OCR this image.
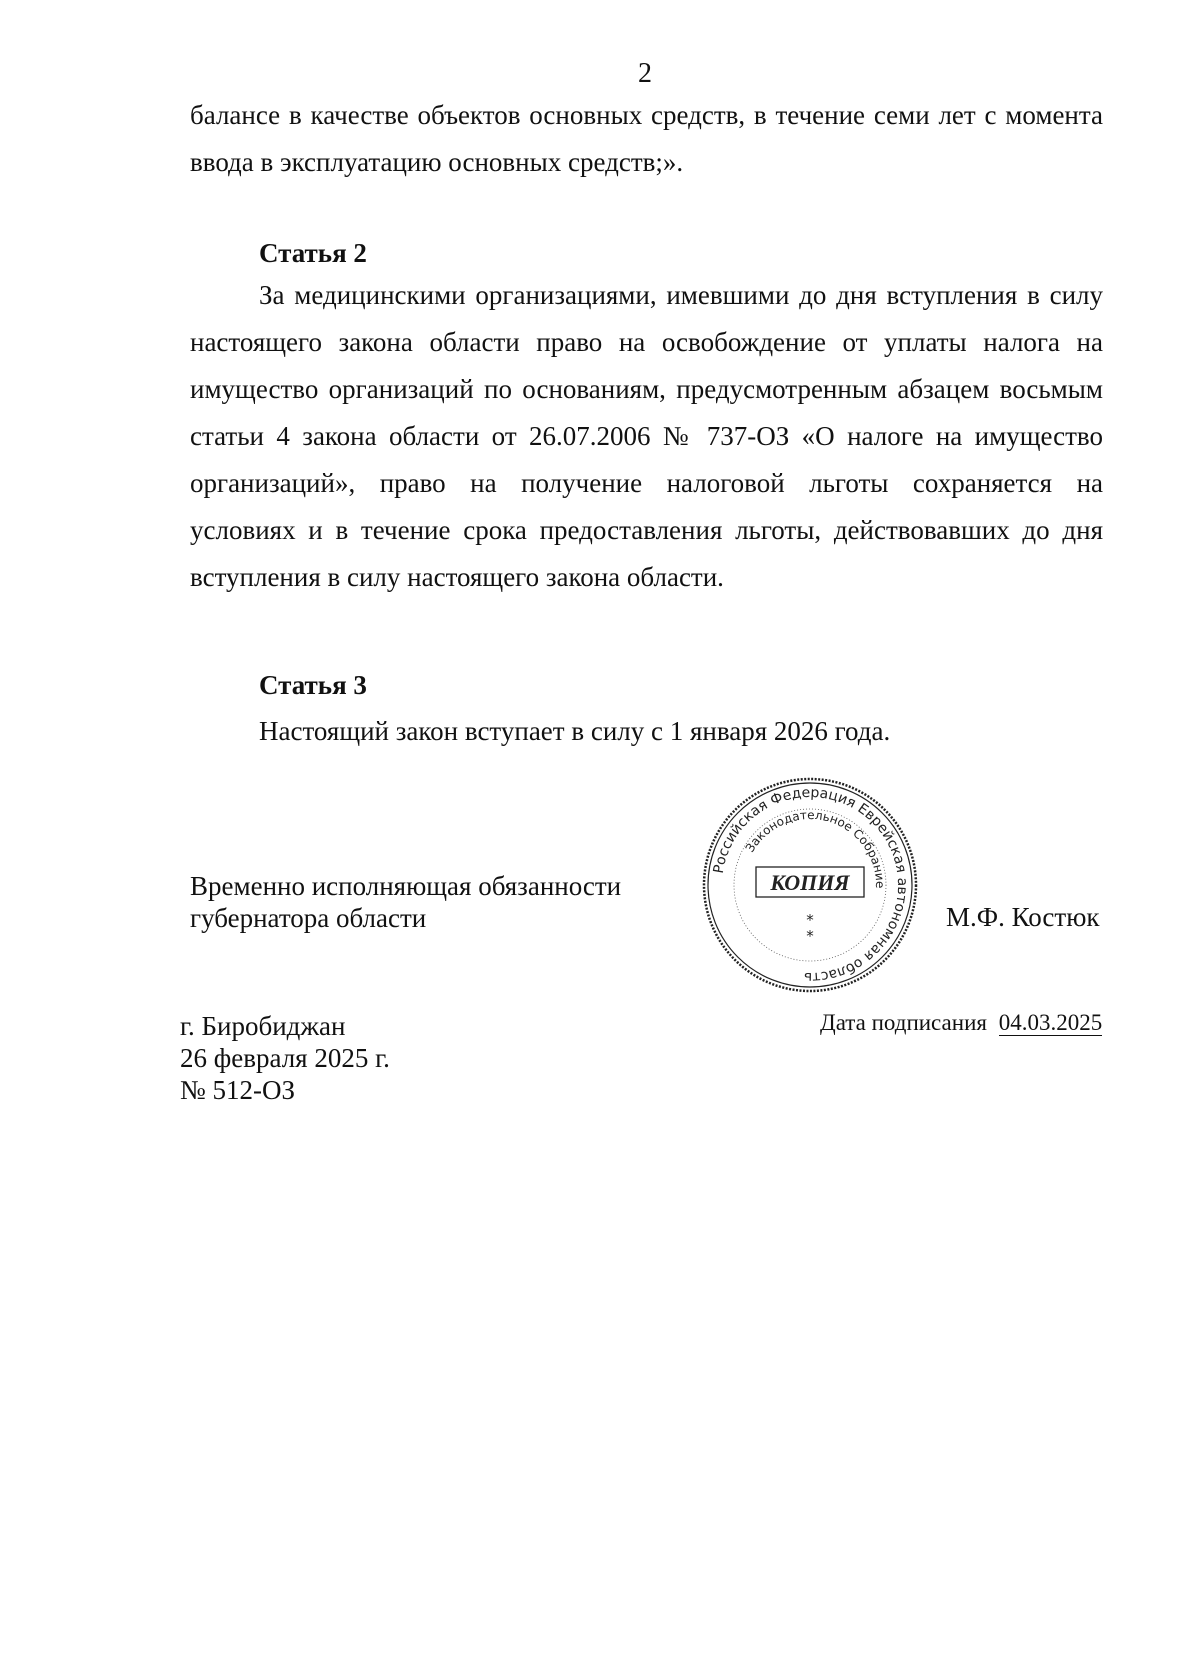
2
балансе в качестве объектов основных средств, в течение семи лет с момента
ввода в эксплуатацию основных средств;».
Статья 2
За медицинскими организациями, имевшими до дня вступления в силу
настоящего закона области право на освобождение от уплаты налога на
имущество организаций по основаниям, предусмотренным абзацем восьмым
статьи 4 закона области от 26.07.2006 № 737-ОЗ «О налоге на имущество
организаций», право на получение налоговой льготы сохраняется на
условиях и в течение срока предоставления льготы, действовавших до дня
вступления в силу настоящего закона области.
Статья 3
Настоящий закон вступает в силу с 1 января 2026 года.
Временно исполняющая обязанности
губернатора области	М.Ф. Костюк
Российская Федерация Еврейская автономная область
Законодательное Собрание
КОПИЯ
*
*
г. Биробиджан
26 февраля 2025 г.
№ 512-ОЗ
Дата подписания 04.03.2025
